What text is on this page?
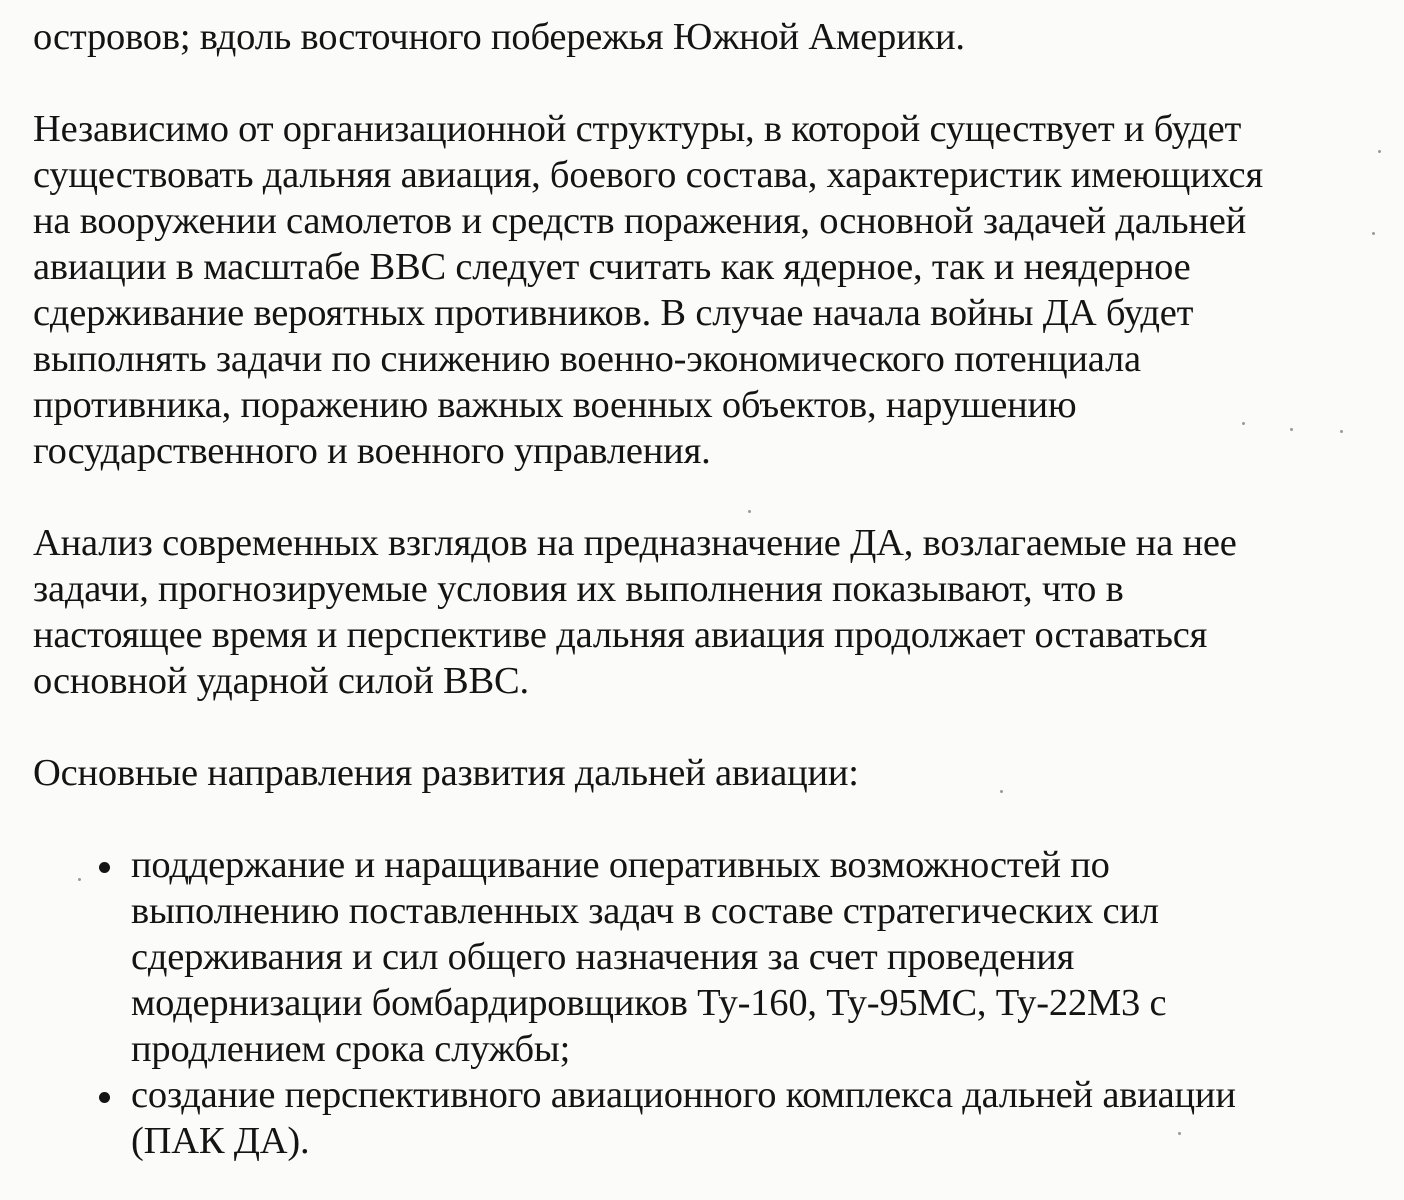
островов; вдоль восточного побережья Южной Америки.

Независимо от организационной структуры, в которой существует и будет
существовать дальняя авиация, боевого состава, характеристик имеющихся
на вооружении самолетов и средств поражения, основной задачей дальней
авиации в масштабе ВВС следует считать как ядерное, так и неядерное
сдерживание вероятных противников. В случае начала войны ДА будет
выполнять задачи по снижению военно-экономического потенциала
противника, поражению важных военных объектов, нарушению
государственного и военного управления.

Анализ современных взглядов на предназначение ДА, возлагаемые на нее
задачи, прогнозируемые условия их выполнения показывают, что в
настоящее время и перспективе дальняя авиация продолжает оставаться
основной ударной силой ВВС.

Основные направления развития дальней авиации:

поддержание и наращивание оперативных возможностей по
выполнению поставленных задач в составе стратегических сил
сдерживания и сил общего назначения за счет проведения
модернизации бомбардировщиков Ту-160, Ту-95МС, Ту-22М3 с
продлением срока службы;
создание перспективного авиационного комплекса дальней авиации
(ПАК ДА).
